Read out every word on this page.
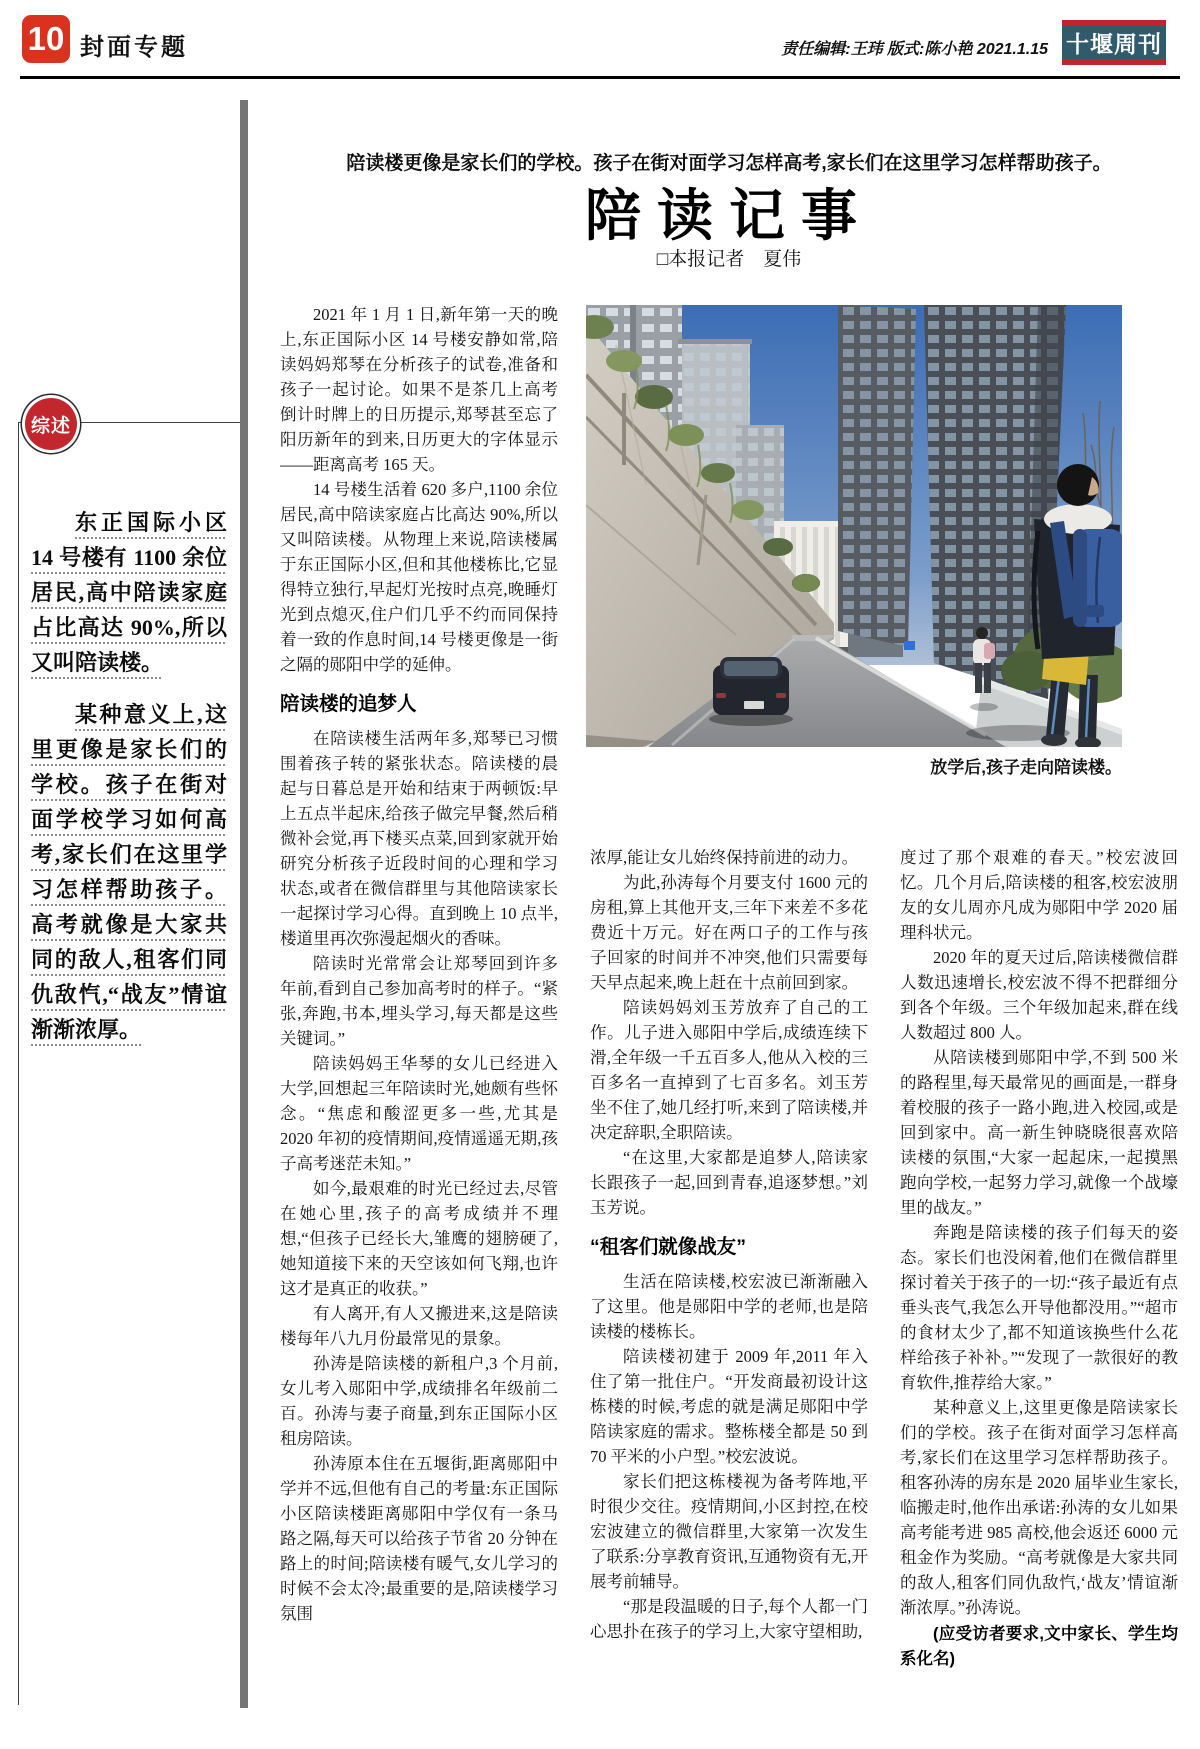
10 封面专题	责任编辑:王玮 版式:陈小艳 2021.1.15 十堰周刊
综述

东正国际小区 14 号楼有 1100 余位居民,高中陪读家庭占比高达 90%,所以又叫陪读楼。

某种意义上,这里更像是家长们的学校。孩子在街对面学校学习如何高考,家长们在这里学习怎样帮助孩子。高考就像是大家共同的敌人,租客们同仇敌忾,“战友”情谊渐渐浓厚。

陪读楼更像是家长们的学校。孩子在街对面学习怎样高考,家长们在这里学习怎样帮助孩子。

陪读记事

□本报记者　夏伟

放学后,孩子走向陪读楼。

2021 年 1 月 1 日,新年第一天的晚上,东正国际小区 14 号楼安静如常,陪读妈妈郑琴在分析孩子的试卷,准备和孩子一起讨论。如果不是茶几上高考倒计时牌上的日历提示,郑琴甚至忘了阳历新年的到来,日历更大的字体显示——距离高考 165 天。

14 号楼生活着 620 多户,1100 余位居民,高中陪读家庭占比高达 90%,所以又叫陪读楼。从物理上来说,陪读楼属于东正国际小区,但和其他楼栋比,它显得特立独行,早起灯光按时点亮,晚睡灯光到点熄灭,住户们几乎不约而同保持着一致的作息时间,14 号楼更像是一街之隔的郧阳中学的延伸。

陪读楼的追梦人

在陪读楼生活两年多,郑琴已习惯围着孩子转的紧张状态。陪读楼的晨起与日暮总是开始和结束于两顿饭:早上五点半起床,给孩子做完早餐,然后稍微补会觉,再下楼买点菜,回到家就开始研究分析孩子近段时间的心理和学习状态,或者在微信群里与其他陪读家长一起探讨学习心得。直到晚上 10 点半,楼道里再次弥漫起烟火的香味。

陪读时光常常会让郑琴回到许多年前,看到自己参加高考时的样子。“紧张,奔跑,书本,埋头学习,每天都是这些关键词。”

陪读妈妈王华琴的女儿已经进入大学,回想起三年陪读时光,她颇有些怀念。“焦虑和酸涩更多一些,尤其是 2020 年初的疫情期间,疫情遥遥无期,孩子高考迷茫未知。”

如今,最艰难的时光已经过去,尽管在她心里,孩子的高考成绩并不理想,“但孩子已经长大,雏鹰的翅膀硬了,她知道接下来的天空该如何飞翔,也许这才是真正的收获。”

有人离开,有人又搬进来,这是陪读楼每年八九月份最常见的景象。

孙涛是陪读楼的新租户,3 个月前,女儿考入郧阳中学,成绩排名年级前二百。孙涛与妻子商量,到东正国际小区租房陪读。

孙涛原本住在五堰街,距离郧阳中学并不远,但他有自己的考量:东正国际小区陪读楼距离郧阳中学仅有一条马路之隔,每天可以给孩子节省 20 分钟在路上的时间;陪读楼有暖气,女儿学习的时候不会太冷;最重要的是,陪读楼学习氛围

浓厚,能让女儿始终保持前进的动力。

为此,孙涛每个月要支付 1600 元的房租,算上其他开支,三年下来差不多花费近十万元。好在两口子的工作与孩子回家的时间并不冲突,他们只需要每天早点起来,晚上赶在十点前回到家。

陪读妈妈刘玉芳放弃了自己的工作。儿子进入郧阳中学后,成绩连续下滑,全年级一千五百多人,他从入校的三百多名一直掉到了七百多名。刘玉芳坐不住了,她几经打听,来到了陪读楼,并决定辞职,全职陪读。

“在这里,大家都是追梦人,陪读家长跟孩子一起,回到青春,追逐梦想。”刘玉芳说。

“租客们就像战友”

生活在陪读楼,校宏波已渐渐融入了这里。他是郧阳中学的老师,也是陪读楼的楼栋长。

陪读楼初建于 2009 年,2011 年入住了第一批住户。“开发商最初设计这栋楼的时候,考虑的就是满足郧阳中学陪读家庭的需求。整栋楼全都是 50 到 70 平米的小户型。”校宏波说。

家长们把这栋楼视为备考阵地,平时很少交往。疫情期间,小区封控,在校宏波建立的微信群里,大家第一次发生了联系:分享教育资讯,互通物资有无,开展考前辅导。

“那是段温暖的日子,每个人都一门心思扑在孩子的学习上,大家守望相助,

度过了那个艰难的春天。”校宏波回忆。几个月后,陪读楼的租客,校宏波朋友的女儿周亦凡成为郧阳中学 2020 届理科状元。

2020 年的夏天过后,陪读楼微信群人数迅速增长,校宏波不得不把群细分到各个年级。三个年级加起来,群在线人数超过 800 人。

从陪读楼到郧阳中学,不到 500 米的路程里,每天最常见的画面是,一群身着校服的孩子一路小跑,进入校园,或是回到家中。高一新生钟晓晓很喜欢陪读楼的氛围,“大家一起起床,一起摸黑跑向学校,一起努力学习,就像一个战壕里的战友。”

奔跑是陪读楼的孩子们每天的姿态。家长们也没闲着,他们在微信群里探讨着关于孩子的一切:“孩子最近有点垂头丧气,我怎么开导他都没用。”“超市的食材太少了,都不知道该换些什么花样给孩子补补。”“发现了一款很好的教育软件,推荐给大家。”

某种意义上,这里更像是陪读家长们的学校。孩子在街对面学习怎样高考,家长们在这里学习怎样帮助孩子。租客孙涛的房东是 2020 届毕业生家长,临搬走时,他作出承诺:孙涛的女儿如果高考能考进 985 高校,他会返还 6000 元租金作为奖励。“高考就像是大家共同的敌人,租客们同仇敌忾,‘战友’情谊渐渐浓厚。”孙涛说。

(应受访者要求,文中家长、学生均系化名)
